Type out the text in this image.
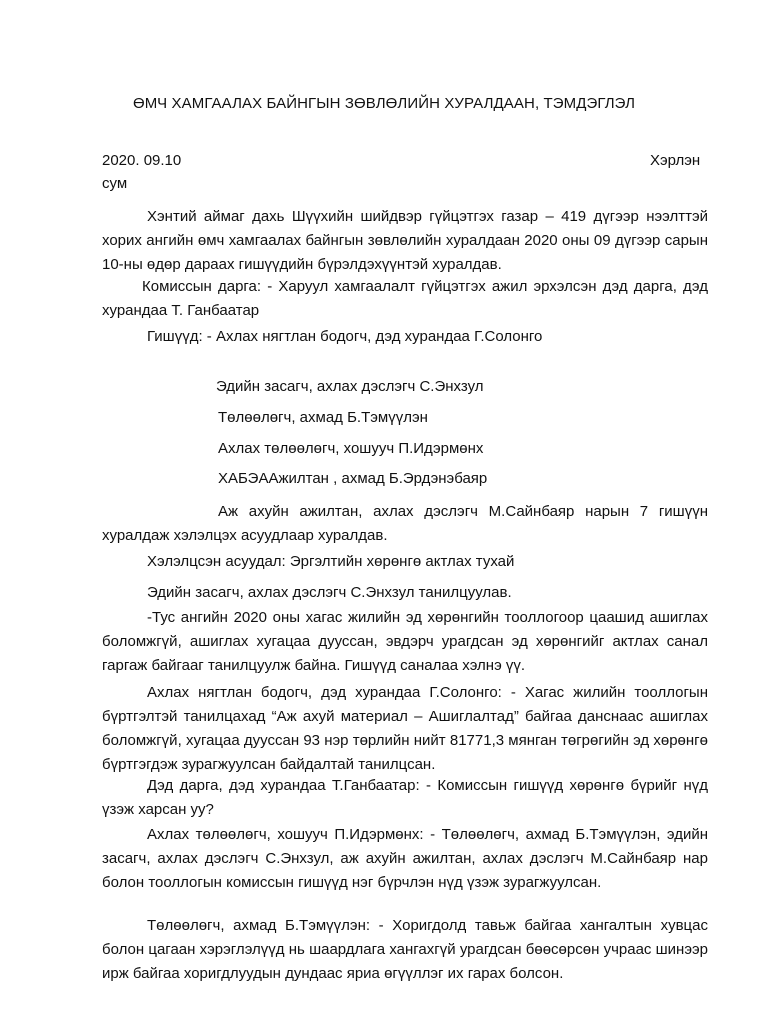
ӨМЧ ХАМГААЛАХ БАЙНГЫН ЗӨВЛӨЛИЙН ХУРАЛДААН, ТЭМДЭГЛЭЛ
2020. 09.10	Хэрлэн
сум
Хэнтий аймаг дахь Шүүхийн шийдвэр гүйцэтгэх газар – 419 дүгээр нээлттэй хорих ангийн өмч хамгаалах байнгын зөвлөлийн хуралдаан 2020 оны 09 дүгээр сарын 10-ны өдөр дараах гишүүдийн бүрэлдэхүүнтэй хуралдав.
Комиссын дарга: - Харуул хамгаалалт гүйцэтгэх ажил эрхэлсэн дэд дарга, дэд хурандаа Т. Ганбаатар
Гишүүд: - Ахлах нягтлан бодогч, дэд хурандаа Г.Солонго
Эдийн засагч, ахлах дэслэгч С.Энхзул
Төлөөлөгч, ахмад Б.Тэмүүлэн
Ахлах төлөөлөгч, хошууч П.Идэрмөнх
ХАБЭААжилтан , ахмад Б.Эрдэнэбаяр
Аж ахуйн ажилтан, ахлах дэслэгч М.Сайнбаяр нарын 7 гишүүн хуралдаж хэлэлцэх асуудлаар хуралдав.
Хэлэлцсэн асуудал: Эргэлтийн хөрөнгө актлах тухай
Эдийн засагч, ахлах дэслэгч С.Энхзул танилцуулав.
-Тус ангийн 2020 оны хагас жилийн эд хөрөнгийн тооллогоор цаашид ашиглах боломжгүй, ашиглах хугацаа дууссан, эвдэрч урагдсан эд хөрөнгийг актлах санал гаргаж байгааг танилцуулж байна. Гишүүд саналаа хэлнэ үү.
Ахлах нягтлан бодогч, дэд хурандаа Г.Солонго: - Хагас жилийн тооллогын бүртгэлтэй танилцахад “Аж ахуй материал – Ашиглалтад” байгаа данснаас ашиглах боломжгүй, хугацаа дууссан 93 нэр төрлийн нийт 81771,3 мянган төгрөгийн эд хөрөнгө бүртгэгдэж зурагжуулсан байдалтай танилцсан.
Дэд дарга, дэд хурандаа Т.Ганбаатар: - Комиссын гишүүд хөрөнгө бүрийг нүд үзэж харсан уу?
Ахлах төлөөлөгч, хошууч П.Идэрмөнх: - Төлөөлөгч, ахмад Б.Тэмүүлэн, эдийн засагч, ахлах дэслэгч С.Энхзул, аж ахуйн ажилтан, ахлах дэслэгч М.Сайнбаяр нар болон тооллогын комиссын гишүүд нэг бүрчлэн нүд үзэж зурагжуулсан.
Төлөөлөгч, ахмад Б.Тэмүүлэн: - Хоригдолд тавьж байгаа хангалтын хувцас болон цагаан хэрэглэлүүд нь шаардлага хангахгүй урагдсан бөөсөрсөн учраас шинээр ирж байгаа хоригдлуудын дундаас яриа өгүүллэг их гарах болсон.
